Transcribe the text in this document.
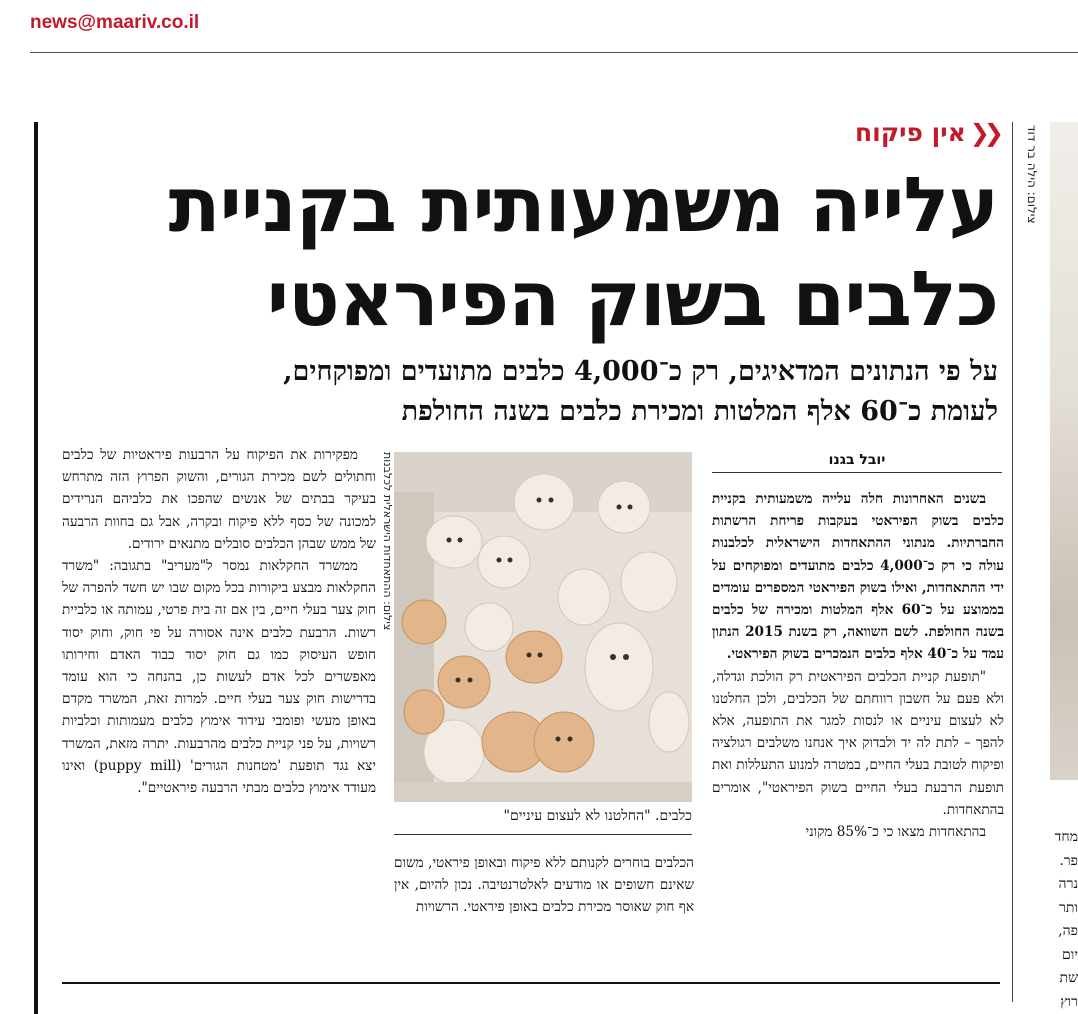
news@maariv.co.il
צילום: הילה בר דוד
❮❮
אין פיקוח
עלייה משמעותית בקניית
כלבים בשוק הפיראטי
על פי הנתונים המדאיגים, רק כ־4,000 כלבים מתועדים ומפוקחים,
לעומת כ־60 אלף המלטות ומכירת כלבים בשנה החולפת
יובל בגנו

בשנים האחרונות חלה עלייה משמעותית בקניית כלבים בשוק הפיראטי בעקבות פריחת הרשתות החברתיות. מנתוני ההתאחדות הישראלית לכלבנות עולה כי רק כ־4,000 כלבים מתועדים ומפוקחים על ידי ההתאחדות, ואילו בשוק הפיראטי המספרים עומדים בממוצע על כ־60 אלף המלטות ומכירה של כלבים בשנה החולפת. לשם השוואה, רק בשנת 2015 הנתון עמד על כ־40 אלף כלבים הנמכרים בשוק הפיראטי.

"תופעת קניית הכלבים הפיראטית רק הולכת וגדלה, ולא פעם על חשבון רווחתם של הכלבים, ולכן החלטנו לא לעצום עיניים או לנסות למגר את התופעה, אלא להפך – לתת לה יד ולבדוק איך אנחנו משלבים רגולציה ופיקוח לטובת בעלי החיים, במטרה למנוע התעללות ואת תופעת הרבעת בעלי החיים בשוק הפיראטי", אומרים בהתאחדות.

בהתאחדות מצאו כי כ־85% מקוני

צילום: ההתאחדות הישראלית לכלבנות
כלבים. "החלטנו לא לעצום עיניים"
הכלבים בוחרים לקנותם ללא פיקוח ובאופן פיראטי, משום שאינם חשופים או מודעים לאלטרנטיבה. נכון להיום, אין אף חוק שאוסר מכירת כלבים באופן פיראטי. הרשויות

מפקירות את הפיקוח על הרבעות פיראטיות של כלבים וחתולים לשם מכירת הגורים, והשוק הפרוץ הזה מתרחש בעיקר בבתים של אנשים שהפכו את כלביהם הנרידים למכונה של כסף ללא פיקוח ובקרה, אבל גם בחוות הרבעה של ממש שבהן הכלבים סובלים מתנאים ירודים.

ממשרד החקלאות נמסר ל"מעריב" בתגובה: "משרד החקלאות מבצע ביקורות בכל מקום שבו יש חשד להפרה של חוק צער בעלי חיים, בין אם זה בית פרטי, עמותה או כלביית רשות. הרבעת כלבים אינה אסורה על פי חוק, וחוק יסוד חופש העיסוק כמו גם חוק יסוד כבוד האדם וחירותו מאפשרים לכל אדם לעשות כן, בהנחה כי הוא עומד בדרישות חוק צער בעלי חיים. למרות זאת, המשרד מקדם באופן מעשי ופומבי עידוד אימוץ כלבים מעמותות וכלביות רשויות, על פני קניית כלבים מהרבעות. יתרה מזאת, המשרד יצא נגד תופעת 'מטחנות הגורים' (puppy mill) ואינו מעודד אימוץ כלבים מבתי הרבעה פיראטיים".

מחד
פר.
נרה
ותר
פה,
יום
שת
רוץ
